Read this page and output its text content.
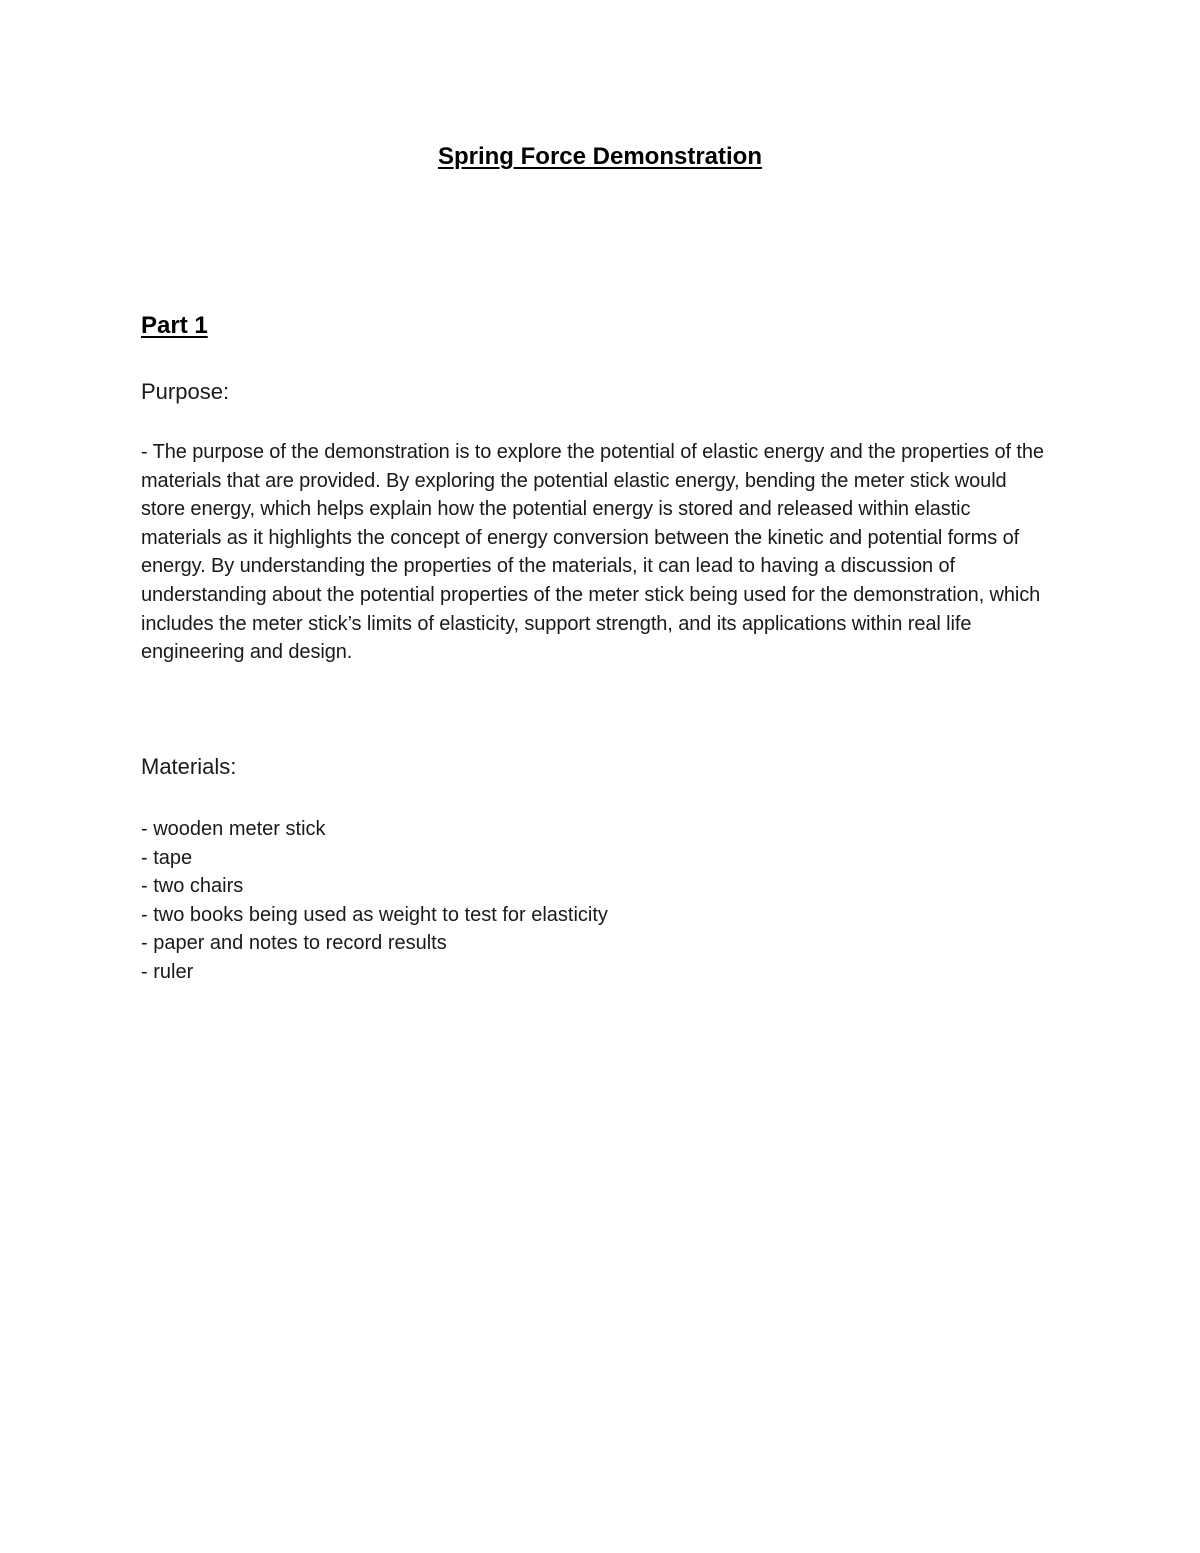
Spring Force Demonstration
Part 1

Purpose:

- The purpose of the demonstration is to explore the potential of elastic energy and the properties of the materials that are provided. By exploring the potential elastic energy, bending the meter stick would store energy, which helps explain how the potential energy is stored and released within elastic materials as it highlights the concept of energy conversion between the kinetic and potential forms of energy. By understanding the properties of the materials, it can lead to having a discussion of understanding about the potential properties of the meter stick being used for the demonstration, which includes the meter stick’s limits of elasticity, support strength, and its applications within real life engineering and design.

Materials:

- wooden meter stick
- tape
- two chairs
- two books being used as weight to test for elasticity
- paper and notes to record results
- ruler
